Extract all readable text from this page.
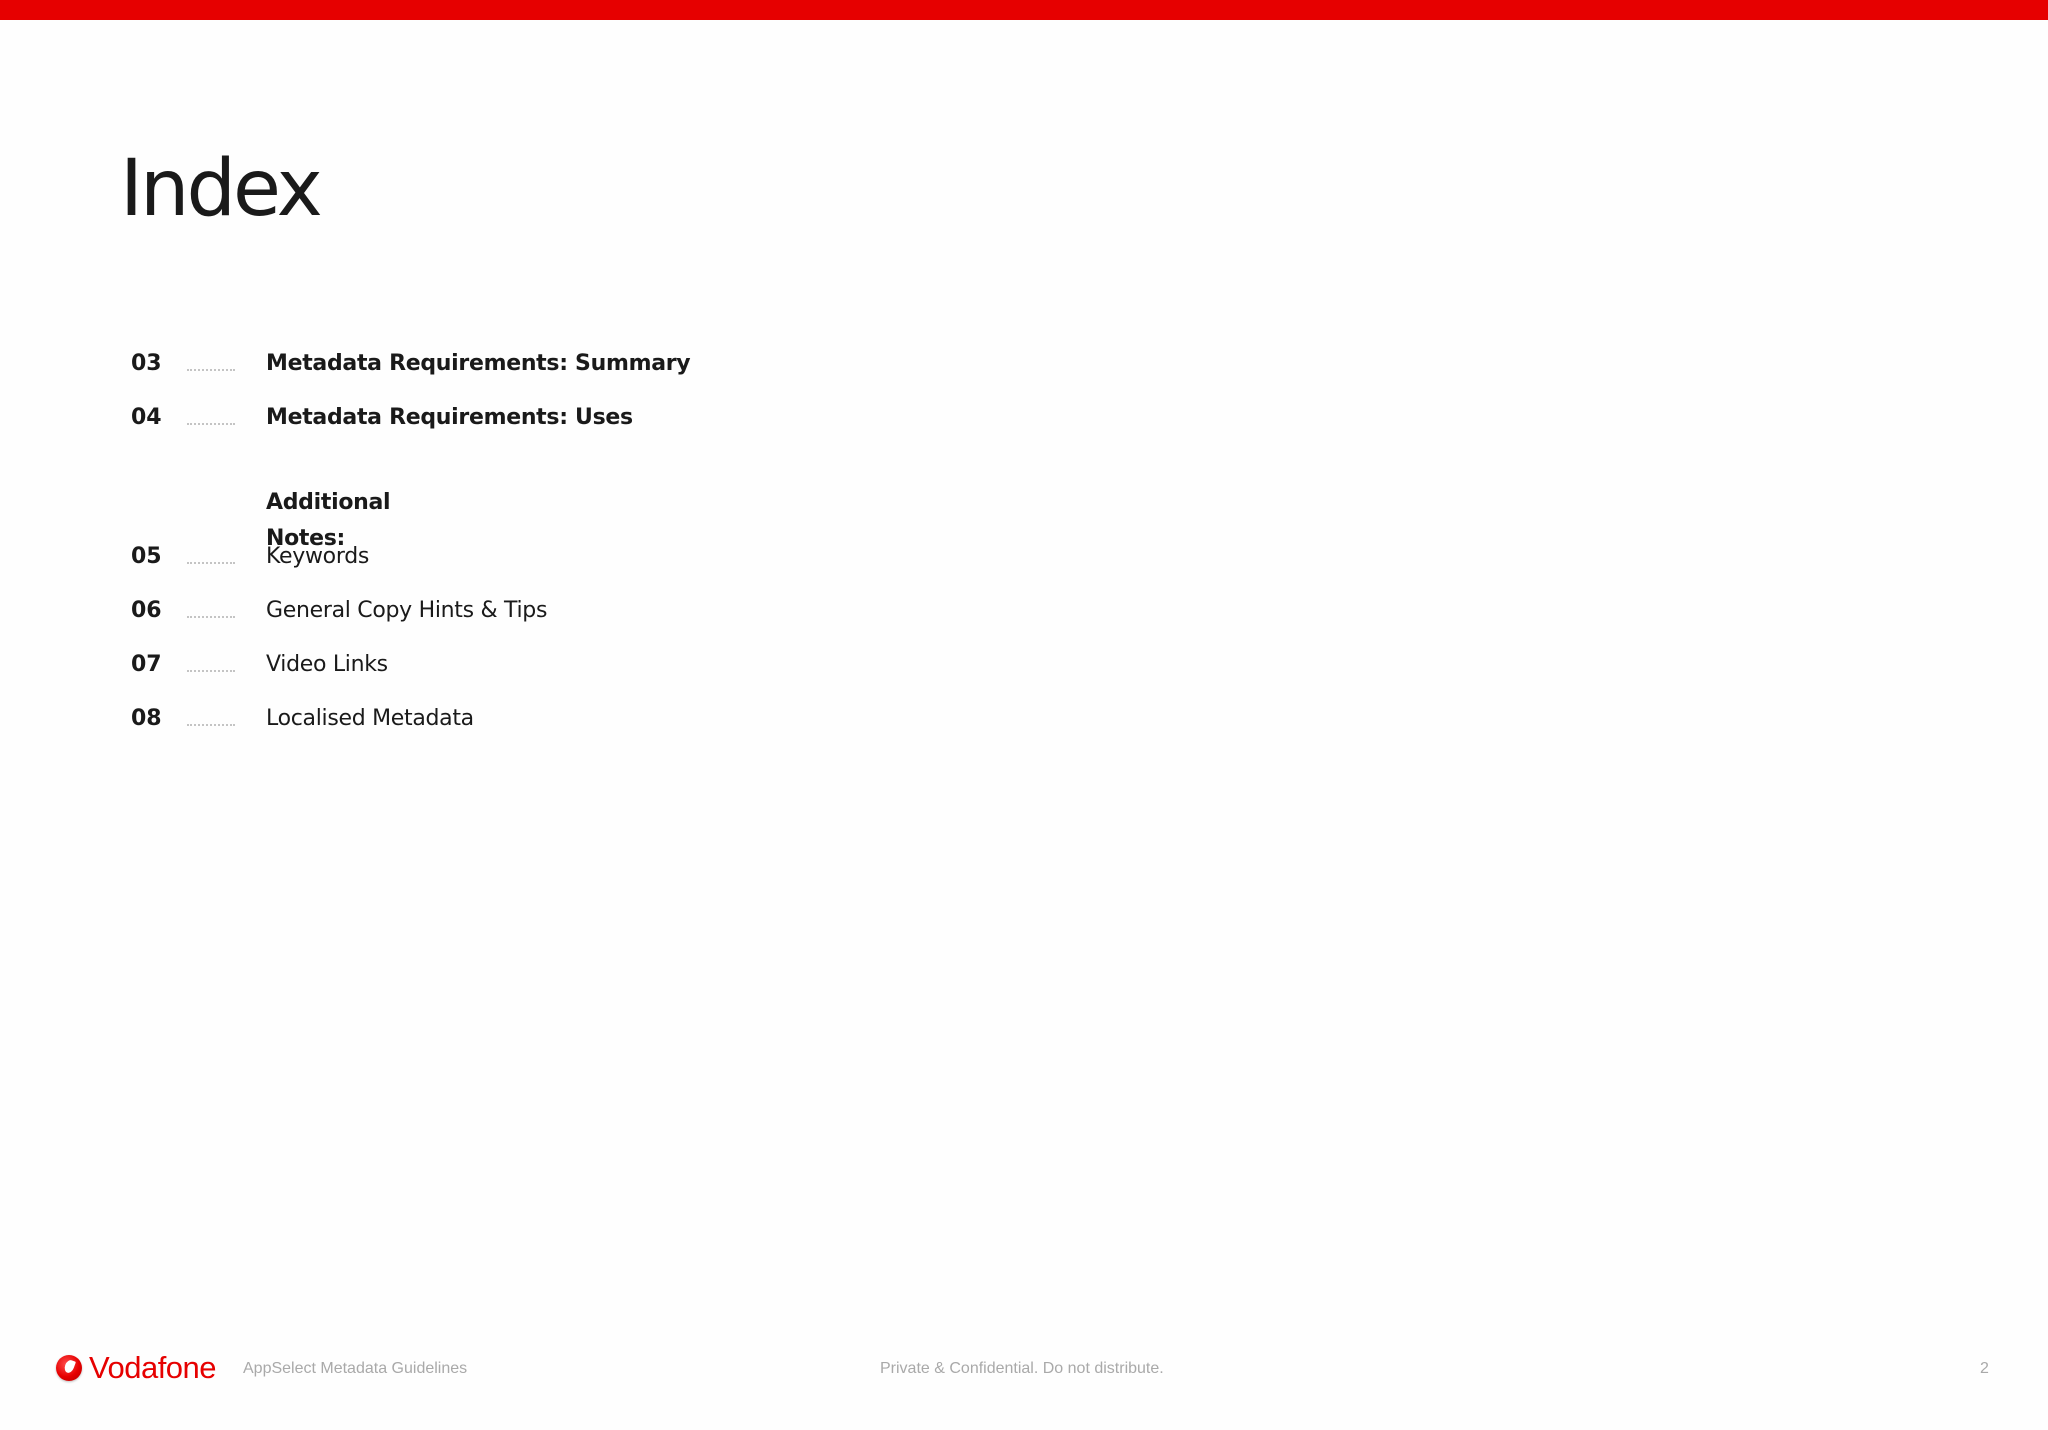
Index
03	Metadata Requirements: Summary
04	Metadata Requirements: Uses
Additional Notes:
05	Keywords
06	General Copy Hints & Tips
07	Video Links
08	Localised Metadata
Vodafone AppSelect Metadata Guidelines	Private & Confidential. Do not distribute.	2
